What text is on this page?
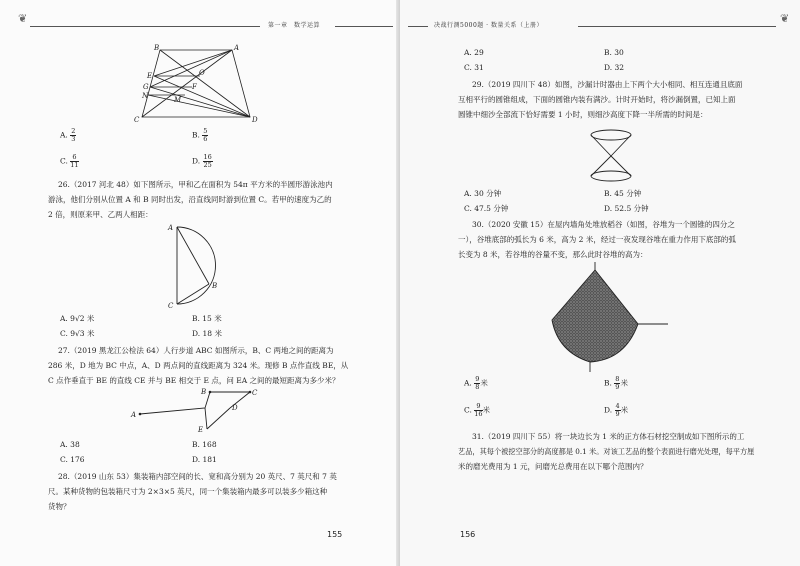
❦
第一章　数学运算
B	A
E	O
G	F
N	M
C	D
A. $\frac{2}{3}$	B. $\frac{5}{6}$
C. $\frac{6}{11}$	D. $\frac{16}{25}$
26.（2017 河北 48）如下图所示，甲和乙在面积为 54π 平方米的半圆形游泳池内
游泳，他们分别从位置 A 和 B 同时出发，沿直线同时游到位置 C。若甲的速度为乙的
2 倍，则原来甲、乙两人相距：
A
B
C
A. 9√2 米	B. 15 米
C. 9√3 米	D. 18 米
27.（2019 黑龙江公检法 64）人行步道 ABC 如图所示，B、C 两地之间的距离为
286 米，D 地为 BC 中点，A、D 两点间的直线距离为 324 米。现修 B 点作直线 BE，从
C 点作垂直于 BE 的直线 CE 并与 BE 相交于 E 点，问 EA 之间的最短距离为多少米？
A
B	C
D
E
A. 38	B. 168
C. 176	D. 181
28.（2019 山东 53）集装箱内部空间的长、宽和高分别为 20 英尺、7 英尺和 7 英
尺。某种货物的包装箱尺寸为 2×3×5 英尺，同一个集装箱内最多可以装多少箱这种
货物？
155
决战行测5000题 · 数量关系（上册）
❦
A. 29	B. 30
C. 31	D. 32
29.（2019 四川下 48）如图，沙漏计时器由上下两个大小相同、相互连通且底面
互相平行的圆锥组成，下面的圆锥内装有满沙。计时开始时，将沙漏倒置，已知上面
圆锥中细沙全部流下恰好需要 1 小时，则细沙高度下降一半所需的时间是：
A. 30 分钟	B. 45 分钟
C. 47.5 分钟	D. 52.5 分钟
30.（2020 安徽 15）在屋内墙角处堆放稻谷（如图，谷堆为一个圆锥的四分之
一），谷堆底部的弧长为 6 米，高为 2 米，经过一夜发现谷堆在重力作用下底部的弧
长变为 8 米，若谷堆的谷量不变，那么此时谷堆的高为：
A. $\frac{9}{8}$ 米	B. $\frac{8}{9}$ 米
C. $\frac{9}{16}$ 米	D. $\frac{4}{9}$ 米
31.（2019 四川下 55）将一块边长为 1 米的正方体石材挖空制成如下图所示的工
艺品，其每个被挖空部分的高度都是 0.1 米。对该工艺品的整个表面进行磨光处理，每平方厘
米的磨光费用为 1 元，问磨光总费用在以下哪个范围内？
156
